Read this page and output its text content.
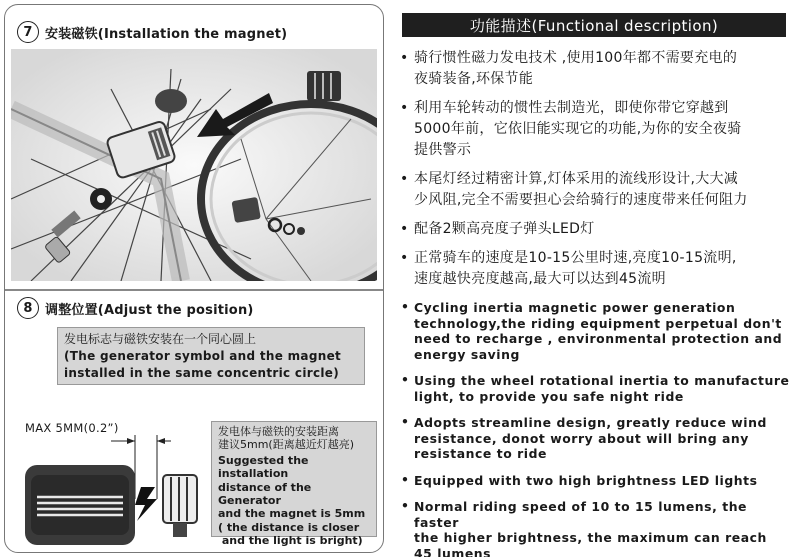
7 安装磁铁(Installation the magnet)
8 调整位置(Adjust the position)
发电标志与磁铁安装在一个同心圆上
(The generator symbol and the magnet
installed in the same concentric circle)
MAX 5MM(0.2”)	发电体与磁铁的安装距离
建议5mm(距离越近灯越亮)
Suggested the installation
distance of the Generator
and the magnet is 5mm
( the distance is closer
and the light is bright)
功能描述(Functional description)
• 骑行惯性磁力发电技术 ,使用100年都不需要充电的
夜骑装备,环保节能
• 利用车轮转动的惯性去制造光，即使你带它穿越到
5000年前，它依旧能实现它的功能,为你的安全夜骑
提供警示
• 本尾灯经过精密计算,灯体采用的流线形设计,大大减
少风阻,完全不需要担心会给骑行的速度带来任何阻力
• 配备2颗高亮度子弹头LED灯
• 正常骑车的速度是10-15公里时速,亮度10-15流明,
速度越快亮度越高,最大可以达到45流明
• Cycling inertia magnetic power generation
technology,the riding equipment perpetual don't
need to recharge , environmental protection and
energy saving
• Using the wheel rotational inertia to manufacture
light, to provide you safe night ride
• Adopts streamline design, greatly reduce wind
resistance, donot worry about will bring any
resistance to ride
• Equipped with two high brightness LED lights
• Normal riding speed of 10 to 15 lumens, the faster
the higher brightness, the maximum can reach
45 lumens
